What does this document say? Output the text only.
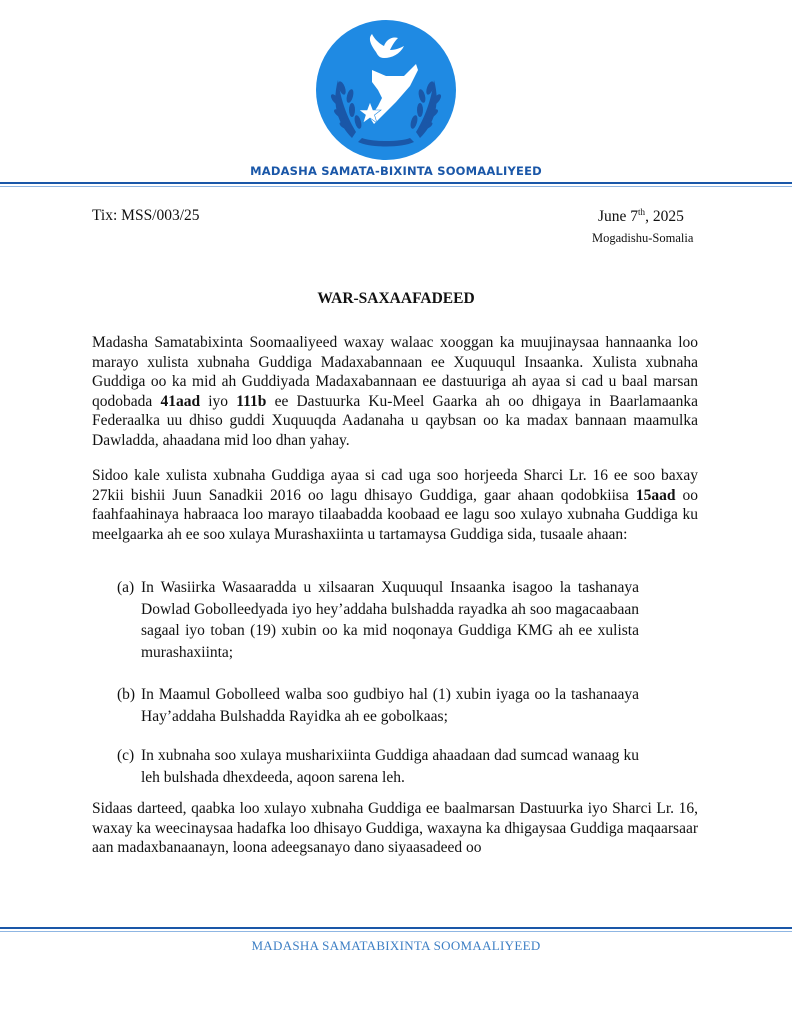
MADASHA SAMATA-BIXINTA SOOMAALIYEED
Tix: MSS/003/25	June 7th, 2025
Mogadishu-Somalia
WAR-SAXAAFADEED

Madasha Samatabixinta Soomaaliyeed waxay walaac xooggan ka muujinaysaa hannaanka loo marayo xulista xubnaha Guddiga Madaxabannaan ee Xuquuqul Insaanka. Xulista xubnaha Guddiga oo ka mid ah Guddiyada Madaxabannaan ee dastuuriga ah ayaa si cad u baal marsan qodobada 41aad iyo 111b ee Dastuurka Ku-Meel Gaarka ah oo dhigaya in Baarlamaanka Federaalka uu dhiso guddi Xuquuqda Aadanaha u qaybsan oo ka madax bannaan maamulka Dawladda, ahaadana mid loo dhan yahay.

Sidoo kale xulista xubnaha Guddiga ayaa si cad uga soo horjeeda Sharci Lr. 16 ee soo baxay 27kii bishii Juun Sanadkii 2016 oo lagu dhisayo Guddiga, gaar ahaan qodobkiisa 15aad oo faahfaahinaya habraaca loo marayo tilaabadda koobaad ee lagu soo xulayo xubnaha Guddiga ku meelgaarka ah ee soo xulaya Murashaxiinta u tartamaysa Guddiga sida, tusaale ahaan:

(a) In Wasiirka Wasaaradda u xilsaaran Xuquuqul Insaanka isagoo la tashanaya Dowlad Gobolleedyada iyo hey’addaha bulshadda rayadka ah soo magacaabaan sagaal iyo toban (19) xubin oo ka mid noqonaya Guddiga KMG ah ee xulista murashaxiinta;
(b) In Maamul Gobolleed walba soo gudbiyo hal (1) xubin iyaga oo la tashanaaya Hay’addaha Bulshadda Rayidka ah ee gobolkaas;
(c) In xubnaha soo xulaya musharixiinta Guddiga ahaadaan dad sumcad wanaag ku leh bulshada dhexdeeda, aqoon sarena leh.

Sidaas darteed, qaabka loo xulayo xubnaha Guddiga ee baalmarsan Dastuurka iyo Sharci Lr. 16, waxay ka weecinaysaa hadafka loo dhisayo Guddiga, waxayna ka dhigaysaa Guddiga maqaarsaar aan madaxbanaanayn, loona adeegsanayo dano siyaasadeed oo

MADASHA SAMATABIXINTA SOOMAALIYEED
